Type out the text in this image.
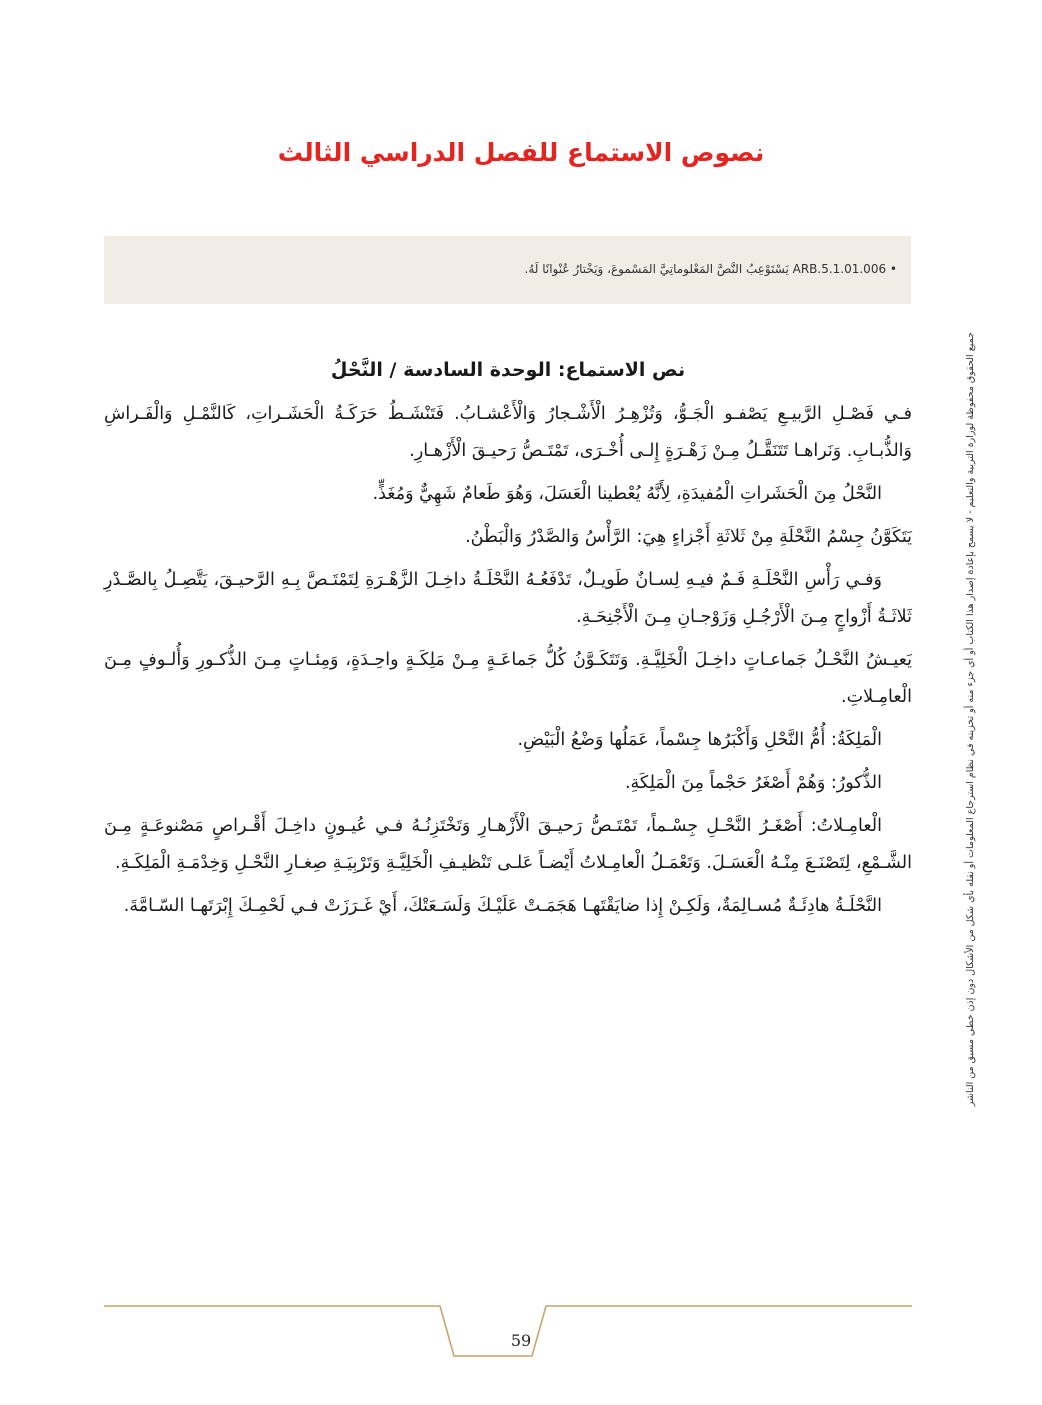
نصوص الاستماع للفصل الدراسي الثالث
• ARB.5.1.01.006 يَسْتَوْعِبُ النَّصَّ المَعْلوماتِيَّ المَسْموعَ، وَيَخْتارُ عُنْوانًا لَهُ.
جميع الحقوق محفوظة لوزارة التربية والتعليم - لا يسمح بإعادة إصدار هذا الكتاب أو أي جزء منه أو تخزينه في نظام استرجاع المعلومات أو نقله بأي شكل من الأشكال دون إذن خطي مسبق من الناشر
نص الاستماع: الوحدة السادسة / النَّحْلُ

فـي فَصْـلِ الرَّبيـعِ يَصْفـو الْجَـوُّ، وَتُزْهِـرُ الْأَشْـجارُ وَالْأَعْشـابُ. فَتَنْشَـطُ حَرَكَـةُ الْحَشَـراتِ، كَالنَّمْـلِ وَالْفَـراشِ وَالذُّبـابِ. وَنَراهـا تَتَنَقَّـلُ مِـنْ زَهْـرَةٍ إِلـى أُخْـرَى، تَمْتَـصُّ رَحيـقَ الْأَزْهـارِ.

النَّحْلُ مِنَ الْحَشَراتِ الْمُفيدَةِ، لِأَنَّهُ يُعْطينا الْعَسَلَ، وَهُوَ طَعامٌ شَهِيٌّ وَمُغَذٍّ.

يَتَكَوَّنُ جِسْمُ النَّحْلَةِ مِنْ ثَلاثَةِ أَجْزاءٍ هِيَ: الرَّأْسُ وَالصَّدْرُ وَالْبَطْنُ.

وَفـي رَأْسِ النَّحْلَـةِ فَـمٌ فيـهِ لِسـانٌ طَويـلٌ، تَدْفَعُـهُ النَّحْلَـةُ داخِـلَ الزَّهْـرَةِ لِتَمْتَـصَّ بِـهِ الرَّحيـقَ، يَتَّصِـلُ بِالصَّـدْرِ ثَلاثَـةُ أَزْواجٍ مِـنَ الْأَرْجُـلِ وَزَوْجـانِ مِـنَ الْأَجْنِحَـةِ.

يَعيـشُ النَّحْـلُ جَماعـاتٍ داخِـلَ الْخَلِيَّـةِ. وَتَتَكَـوَّنُ كُلُّ جَماعَـةٍ مِـنْ مَلِكَـةٍ واحِـدَةٍ، وَمِئـاتٍ مِـنَ الذُّكـورِ وَأُلـوفٍ مِـنَ الْعامِـلاتِ.

الْمَلِكَةُ: أُمُّ النَّحْلِ وَأَكْبَرُها جِسْماً، عَمَلُها وَضْعُ الْبَيْضِ.

الذُّكورُ: وَهُمْ أَصْغَرُ حَجْماً مِنَ الْمَلِكَةِ.

الْعامِـلاتُ: أَصْغَـرُ النَّحْـلِ جِسْـماً، تَمْتَـصُّ رَحيـقَ الْأَزْهـارِ وَتَخْتَزِنُـهُ فـي عُيـونٍ داخِـلَ أَقْـراصٍ مَصْنوعَـةٍ مِـنَ الشَّـمْعِ، لِتَصْنَـعَ مِنْـهُ الْعَسَـلَ. وَتَعْمَـلُ الْعامِـلاتُ أَيْضـاً عَلـى تَنْظيـفِ الْخَلِيَّـةِ وَتَرْبِيَـةِ صِغـارِ النَّحْـلِ وَخِدْمَـةِ الْمَلِكَـةِ.

النَّحْلَـةُ هادِئَـةٌ مُسـالِمَةٌ، وَلَكِـنْ إِذا ضايَقْتَهـا هَجَمَـتْ عَلَيْـكَ وَلَسَـعَتْكَ، أَيْ غَـرَزَتْ فـي لَحْمِـكَ إِبْرَتَهـا السّـامَّةَ.

59
